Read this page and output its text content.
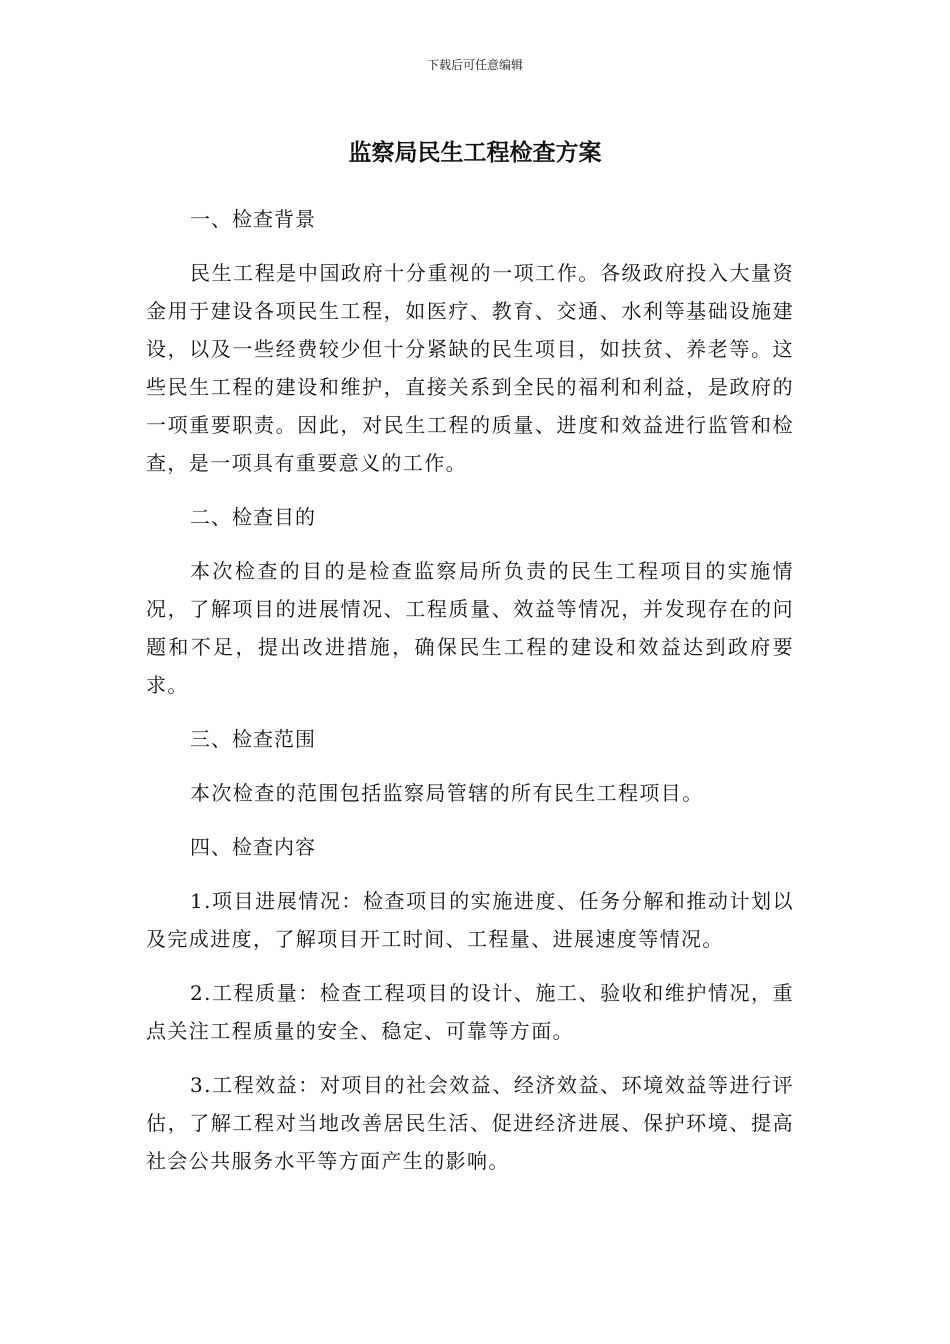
下载后可任意编辑
监察局民生工程检查方案

一、检查背景

民生工程是中国政府十分重视的一项工作。各级政府投入大量资金用于建设各项民生工程，如医疗、教育、交通、水利等基础设施建设，以及一些经费较少但十分紧缺的民生项目，如扶贫、养老等。这些民生工程的建设和维护，直接关系到全民的福利和利益，是政府的一项重要职责。因此，对民生工程的质量、进度和效益进行监管和检查，是一项具有重要意义的工作。

二、检查目的

本次检查的目的是检查监察局所负责的民生工程项目的实施情况，了解项目的进展情况、工程质量、效益等情况，并发现存在的问题和不足，提出改进措施，确保民生工程的建设和效益达到政府要求。

三、检查范围

本次检查的范围包括监察局管辖的所有民生工程项目。

四、检查内容

1.项目进展情况：检查项目的实施进度、任务分解和推动计划以及完成进度，了解项目开工时间、工程量、进展速度等情况。

2.工程质量：检查工程项目的设计、施工、验收和维护情况，重点关注工程质量的安全、稳定、可靠等方面。

3.工程效益：对项目的社会效益、经济效益、环境效益等进行评估，了解工程对当地改善居民生活、促进经济进展、保护环境、提高社会公共服务水平等方面产生的影响。
